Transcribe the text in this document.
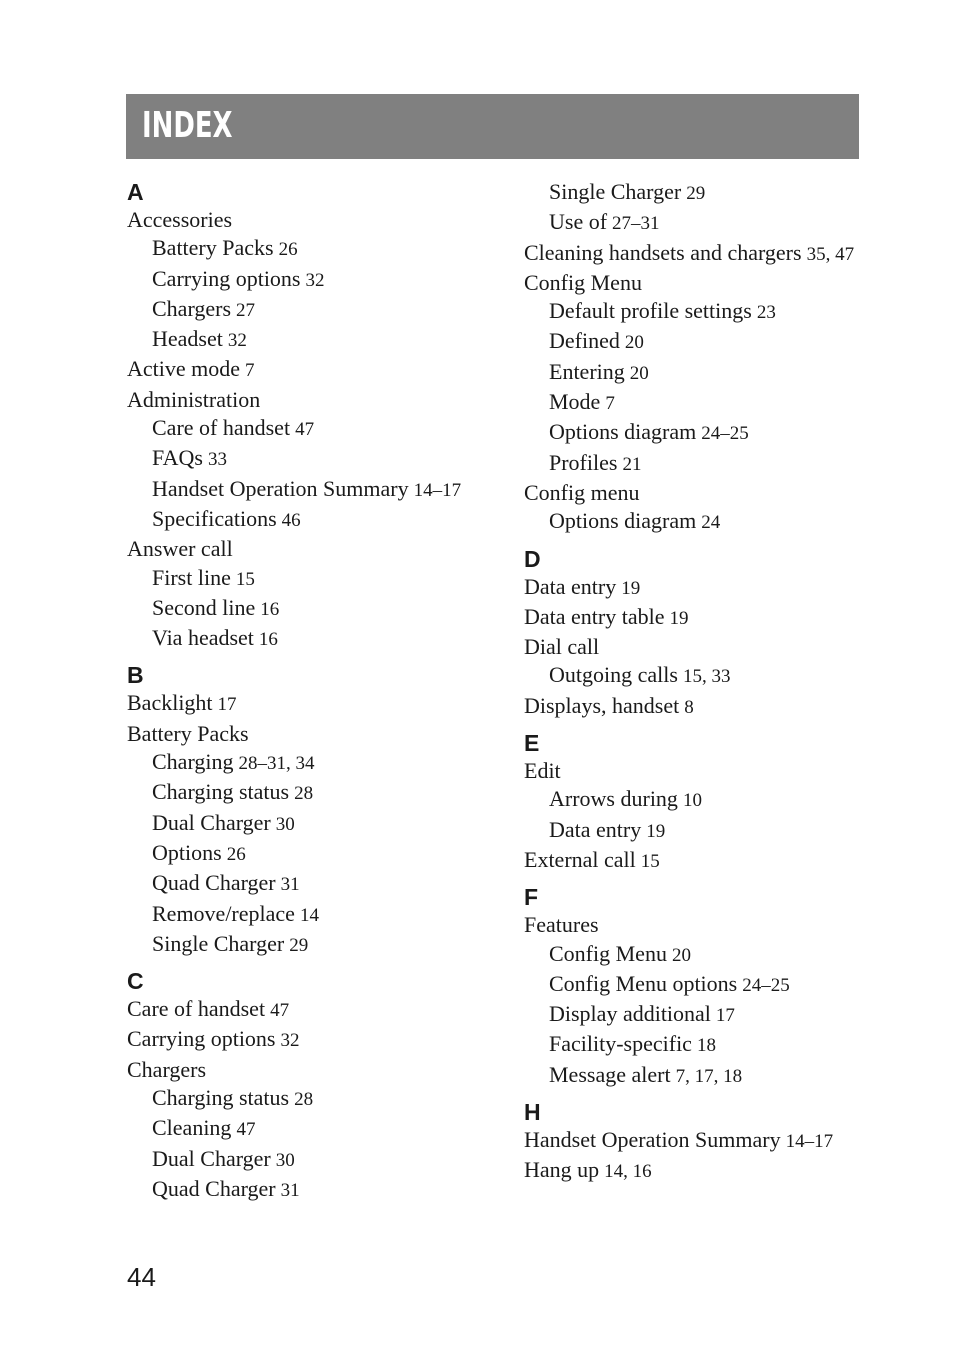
INDEX
A
Accessories
Battery Packs 26
Carrying options 32
Chargers 27
Headset 32
Active mode 7
Administration
Care of handset 47
FAQs 33
Handset Operation Summary 14–17
Specifications 46
Answer call
First line 15
Second line 16
Via headset 16
B
Backlight 17
Battery Packs
Charging 28–31, 34
Charging status 28
Dual Charger 30
Options 26
Quad Charger 31
Remove/replace 14
Single Charger 29
C
Care of handset 47
Carrying options 32
Chargers
Charging status 28
Cleaning 47
Dual Charger 30
Quad Charger 31
Single Charger 29
Use of 27–31
Cleaning handsets and chargers 35, 47
Config Menu
Default profile settings 23
Defined 20
Entering 20
Mode 7
Options diagram 24–25
Profiles 21
Config menu
Options diagram 24
D
Data entry 19
Data entry table 19
Dial call
Outgoing calls 15, 33
Displays, handset 8
E
Edit
Arrows during 10
Data entry 19
External call 15
F
Features
Config Menu 20
Config Menu options 24–25
Display additional 17
Facility-specific 18
Message alert 7, 17, 18
H
Handset Operation Summary 14–17
Hang up 14, 16
44
